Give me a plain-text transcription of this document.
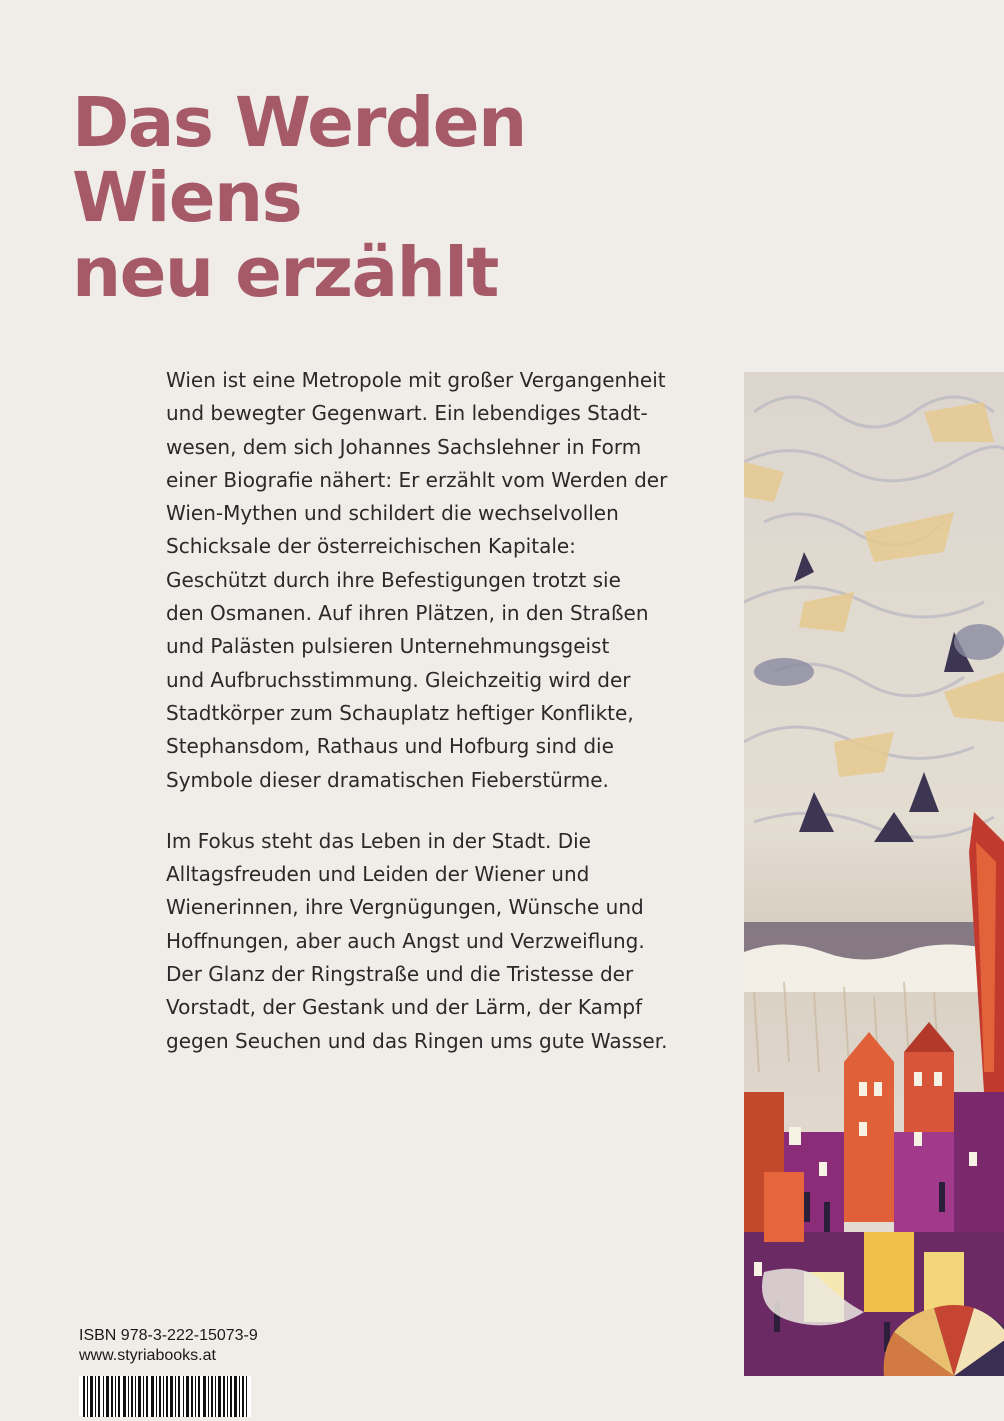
Das Werden
Wiens
neu erzählt

Wien ist eine Metropole mit großer Vergangenheit
und bewegter Gegenwart. Ein lebendiges Stadt-
wesen, dem sich Johannes Sachslehner in Form
einer Biografie nähert: Er erzählt vom Werden der
Wien-Mythen und schildert die wechselvollen
Schicksale der österreichischen Kapitale:
Geschützt durch ihre Befestigungen trotzt sie
den Osmanen. Auf ihren Plätzen, in den Straßen
und Palästen pulsieren Unternehmungsgeist
und Aufbruchsstimmung. Gleichzeitig wird der
Stadtkörper zum Schauplatz heftiger Konflikte,
Stephansdom, Rathaus und Hofburg sind die
Symbole dieser dramatischen Fieberstürme.

Im Fokus steht das Leben in der Stadt. Die
Alltagsfreuden und Leiden der Wiener und
Wienerinnen, ihre Vergnügungen, Wünsche und
Hoffnungen, aber auch Angst und Verzweiflung.
Der Glanz der Ringstraße und die Tristesse der
Vorstadt, der Gestank und der Lärm, der Kampf
gegen Seuchen und das Ringen ums gute Wasser.

ISBN 978-3-222-15073-9
www.styriabooks.at
